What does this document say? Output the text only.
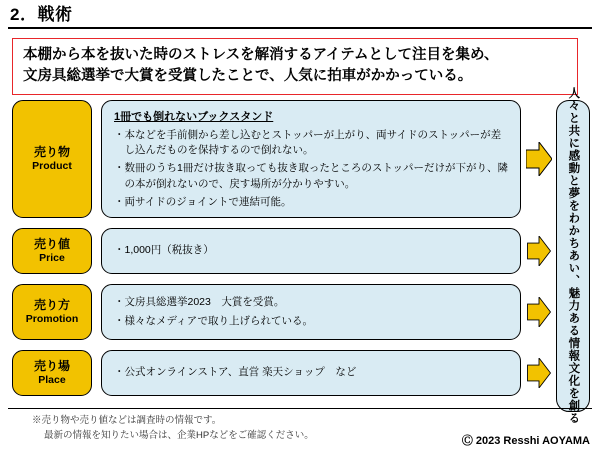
2．戦術
本棚から本を抜いた時のストレスを解消するアイテムとして注目を集め、
文房具総選挙で大賞を受賞したことで、人気に拍車がかかっている。
売り物
Product
1冊でも倒れないブックスタンド
・ 本などを手前側から差し込むとストッパーが上がり、両サイドのストッパーが差し込んだものを保持するので倒れない。
・ 数冊のうち1冊だけ抜き取っても抜き取ったところのストッパーだけが下がり、隣の本が倒れないので、戻す場所が分かりやすい。
・ 両サイドのジョイントで連結可能。
売り値
Price
・ 1,000円（税抜き）
売り方
Promotion
・ 文房具総選挙2023　大賞を受賞。
・ 様々なメディアで取り上げられている。
売り場
Place
・ 公式オンラインストア、直営 楽天ショップ　など	人々と共に感動と夢をわかちあい、魅力ある情報文化を創る
※売り物や売り値などは調査時の情報です。
最新の情報を知りたい場合は、企業HPなどをご確認ください。	Ⓒ 2023 Resshi AOYAMA
